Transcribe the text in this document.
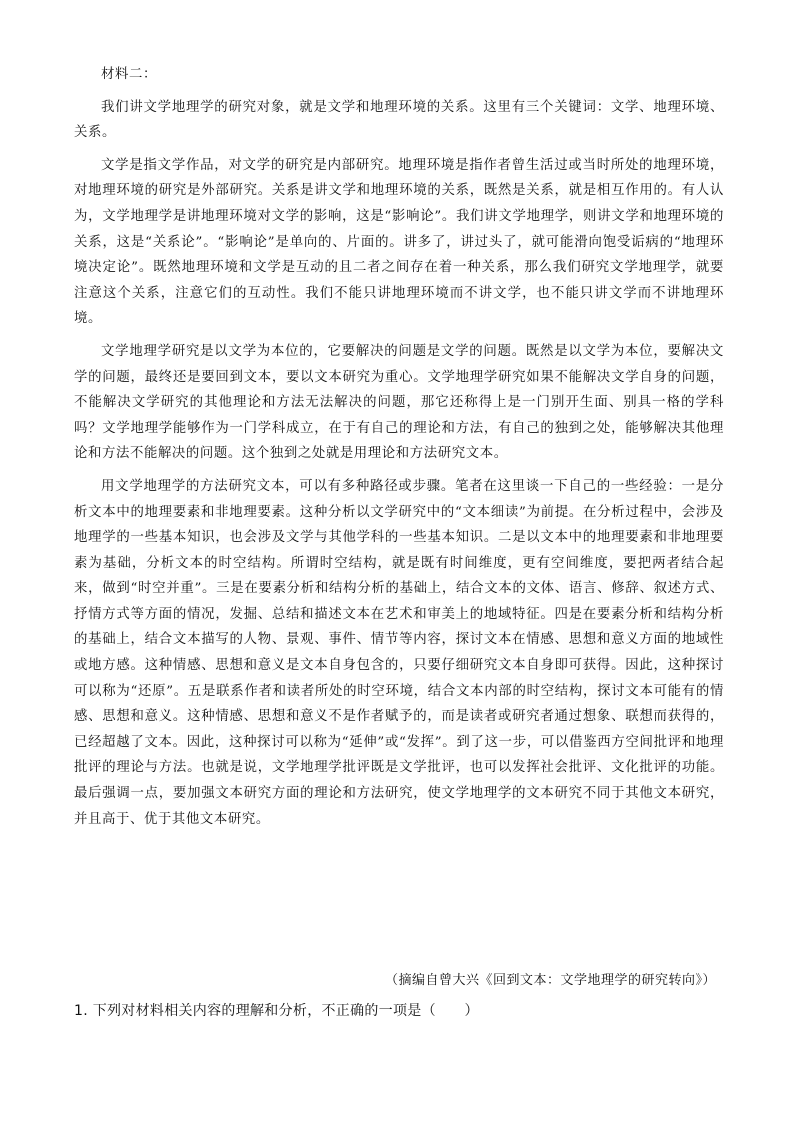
材料二：

我们讲文学地理学的研究对象，就是文学和地理环境的关系。这里有三个关键词：文学、地理环境、关系。

文学是指文学作品，对文学的研究是内部研究。地理环境是指作者曾生活过或当时所处的地理环境，对地理环境的研究是外部研究。关系是讲文学和地理环境的关系，既然是关系，就是相互作用的。有人认为，文学地理学是讲地理环境对文学的影响，这是“影响论”。我们讲文学地理学，则讲文学和地理环境的关系，这是“关系论”。“影响论”是单向的、片面的。讲多了，讲过头了，就可能滑向饱受诟病的“地理环境决定论”。既然地理环境和文学是互动的且二者之间存在着一种关系，那么我们研究文学地理学，就要注意这个关系，注意它们的互动性。我们不能只讲地理环境而不讲文学，也不能只讲文学而不讲地理环境。

文学地理学研究是以文学为本位的，它要解决的问题是文学的问题。既然是以文学为本位，要解决文学的问题，最终还是要回到文本，要以文本研究为重心。文学地理学研究如果不能解决文学自身的问题，不能解决文学研究的其他理论和方法无法解决的问题，那它还称得上是一门别开生面、别具一格的学科吗？文学地理学能够作为一门学科成立，在于有自己的理论和方法，有自己的独到之处，能够解决其他理论和方法不能解决的问题。这个独到之处就是用理论和方法研究文本。

用文学地理学的方法研究文本，可以有多种路径或步骤。笔者在这里谈一下自己的一些经验：一是分析文本中的地理要素和非地理要素。这种分析以文学研究中的“文本细读”为前提。在分析过程中，会涉及地理学的一些基本知识，也会涉及文学与其他学科的一些基本知识。二是以文本中的地理要素和非地理要素为基础，分析文本的时空结构。所谓时空结构，就是既有时间维度，更有空间维度，要把两者结合起来，做到“时空并重”。三是在要素分析和结构分析的基础上，结合文本的文体、语言、修辞、叙述方式、抒情方式等方面的情况，发掘、总结和描述文本在艺术和审美上的地域特征。四是在要素分析和结构分析的基础上，结合文本描写的人物、景观、事件、情节等内容，探讨文本在情感、思想和意义方面的地域性或地方感。这种情感、思想和意义是文本自身包含的，只要仔细研究文本自身即可获得。因此，这种探讨可以称为“还原”。五是联系作者和读者所处的时空环境，结合文本内部的时空结构，探讨文本可能有的情感、思想和意义。这种情感、思想和意义不是作者赋予的，而是读者或研究者通过想象、联想而获得的，已经超越了文本。因此，这种探讨可以称为“延伸”或“发挥”。到了这一步，可以借鉴西方空间批评和地理批评的理论与方法。也就是说，文学地理学批评既是文学批评，也可以发挥社会批评、文化批评的功能。最后强调一点，要加强文本研究方面的理论和方法研究，使文学地理学的文本研究不同于其他文本研究，并且高于、优于其他文本研究。

（摘编自曾大兴《回到文本：文学地理学的研究转向》）
1. 下列对材料相关内容的理解和分析，不正确的一项是（　　）
